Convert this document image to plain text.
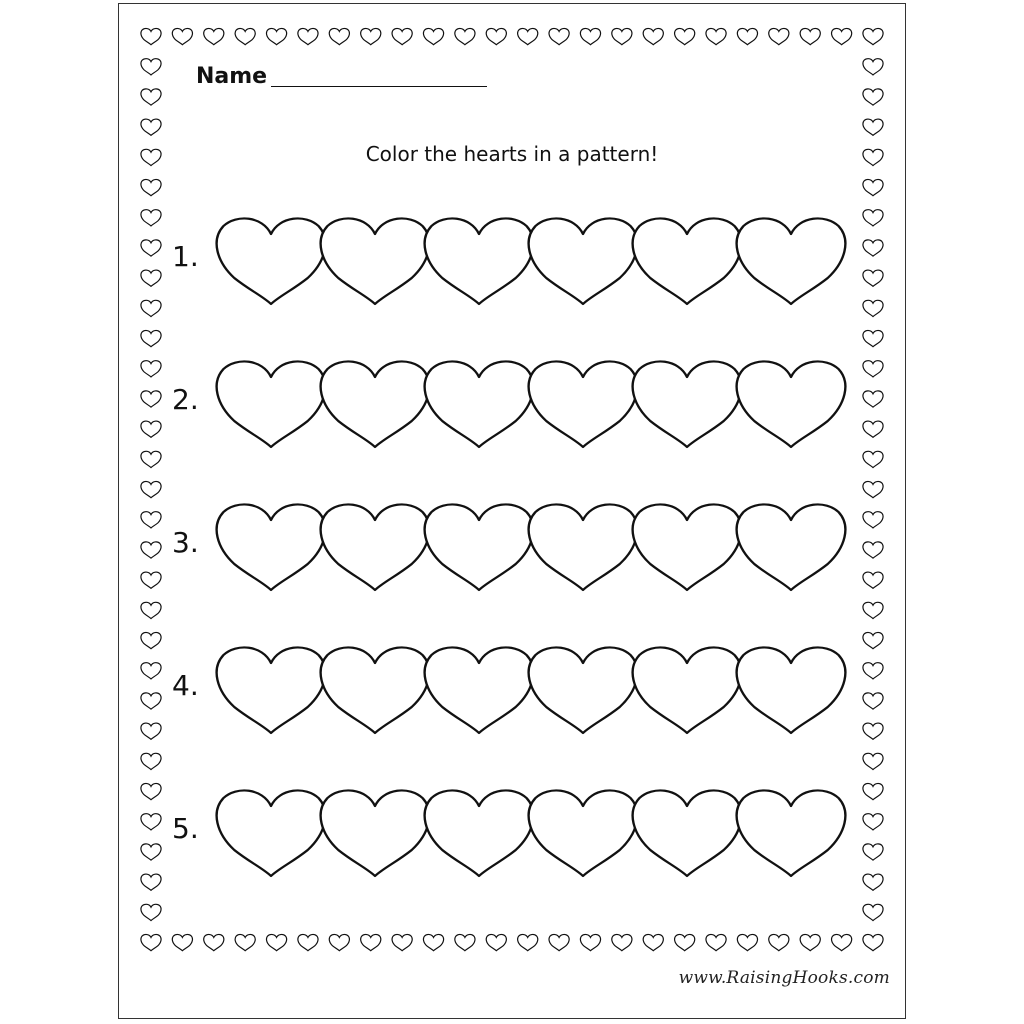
Name
Color the hearts in a pattern!
1.
2.
3.
4.
5.
www.RaisingHooks.com
